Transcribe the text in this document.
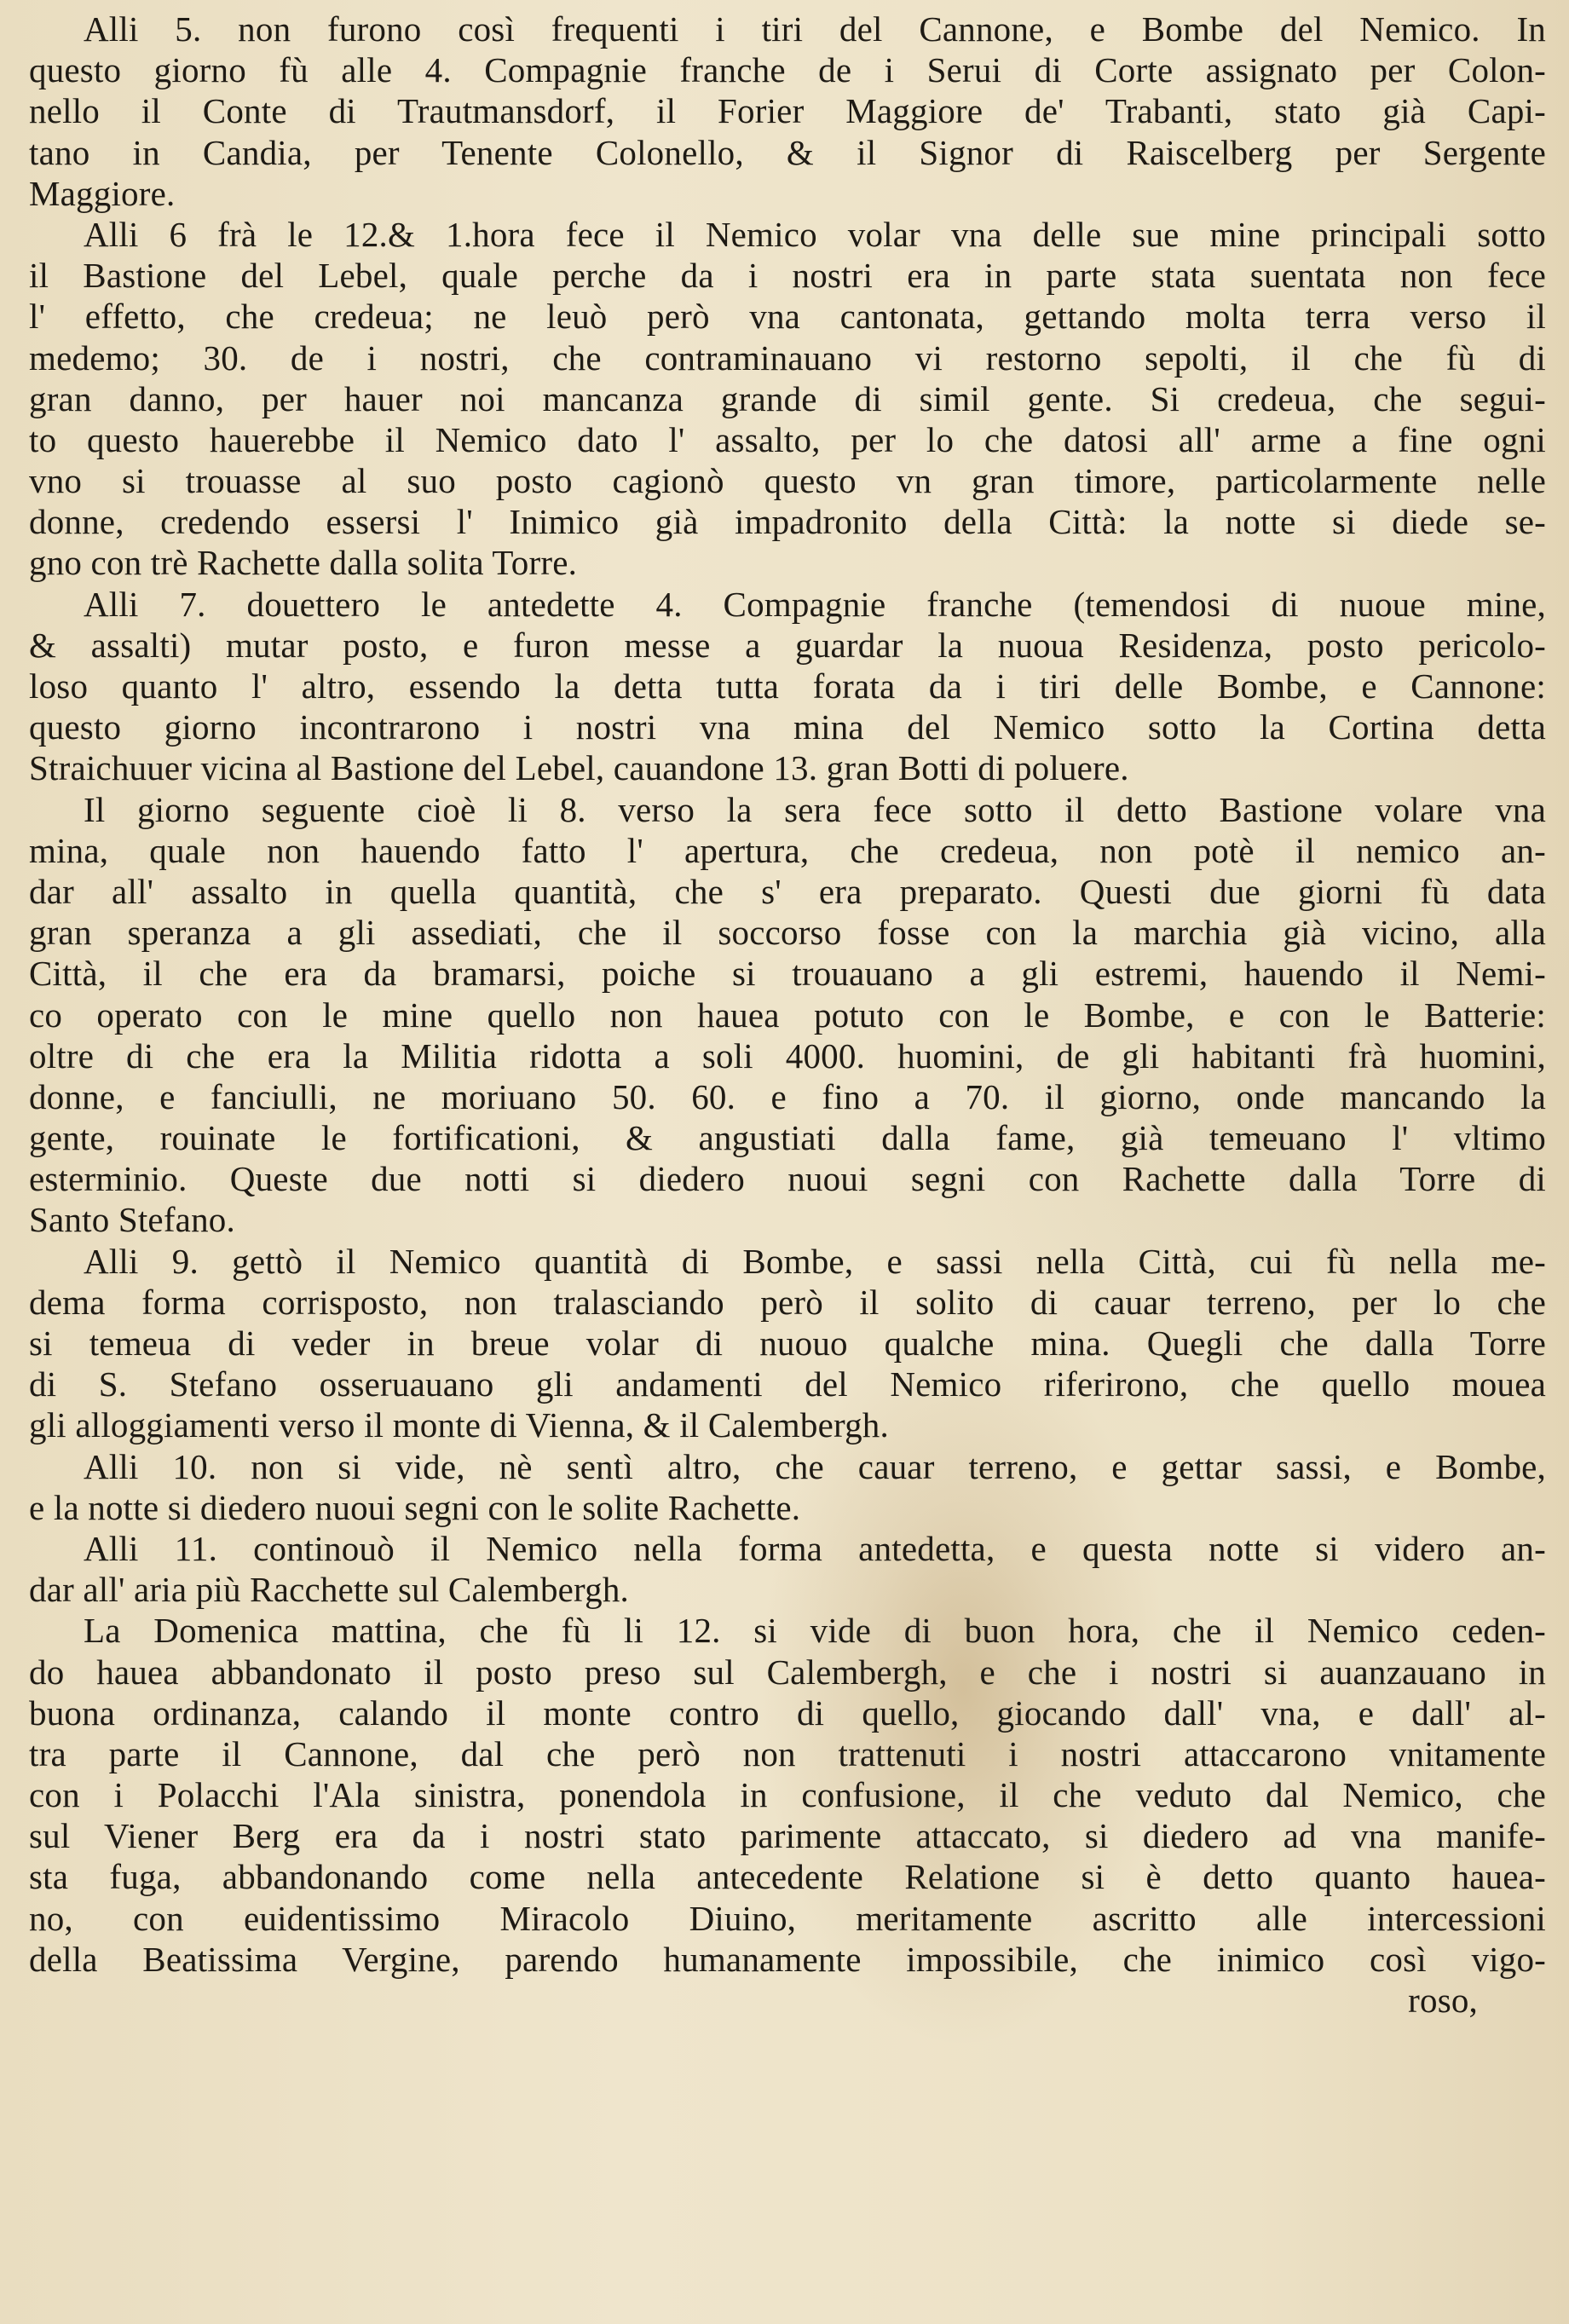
Alli 5. non furono così frequenti i tiri del Cannone, e Bombe del Nemico. In
questo giorno fù alle 4. Compagnie franche de i Serui di Corte assignato per Colon-
nello il Conte di Trautmansdorf, il Forier Maggiore de' Trabanti, stato già Capi-
tano in Candia, per Tenente Colonello, & il Signor di Raiscelberg per Sergente
Maggiore.
Alli 6 frà le 12.& 1.hora fece il Nemico volar vna delle sue mine principali sotto
il Bastione del Lebel, quale perche da i nostri era in parte stata suentata non fece
l' effetto, che credeua; ne leuò però vna cantonata, gettando molta terra verso il
medemo; 30. de i nostri, che contraminauano vi restorno sepolti, il che fù di
gran danno, per hauer noi mancanza grande di simil gente. Si credeua, che segui-
to questo hauerebbe il Nemico dato l' assalto, per lo che datosi all' arme a fine ogni
vno si trouasse al suo posto cagionò questo vn gran timore, particolarmente nelle
donne, credendo essersi l' Inimico già impadronito della Città: la notte si diede se-
gno con trè Rachette dalla solita Torre.
Alli 7. douettero le antedette 4. Compagnie franche (temendosi di nuoue mine,
& assalti) mutar posto, e furon messe a guardar la nuoua Residenza, posto pericolo-
loso quanto l' altro, essendo la detta tutta forata da i tiri delle Bombe, e Cannone:
questo giorno incontrarono i nostri vna mina del Nemico sotto la Cortina detta
Straichuuer vicina al Bastione del Lebel, cauandone 13. gran Botti di poluere.
Il giorno seguente cioè li 8. verso la sera fece sotto il detto Bastione volare vna
mina, quale non hauendo fatto l' apertura, che credeua, non potè il nemico an-
dar all' assalto in quella quantità, che s' era preparato. Questi due giorni fù data
gran speranza a gli assediati, che il soccorso fosse con la marchia già vicino, alla
Città, il che era da bramarsi, poiche si trouauano a gli estremi, hauendo il Nemi-
co operato con le mine quello non hauea potuto con le Bombe, e con le Batterie:
oltre di che era la Militia ridotta a soli 4000. huomini, de gli habitanti frà huomini,
donne, e fanciulli, ne moriuano 50. 60. e fino a 70. il giorno, onde mancando la
gente, rouinate le fortificationi, & angustiati dalla fame, già temeuano l' vltimo
esterminio. Queste due notti si diedero nuoui segni con Rachette dalla Torre di
Santo Stefano.
Alli 9. gettò il Nemico quantità di Bombe, e sassi nella Città, cui fù nella me-
dema forma corrisposto, non tralasciando però il solito di cauar terreno, per lo che
si temeua di veder in breue volar di nuouo qualche mina. Quegli che dalla Torre
di S. Stefano osseruauano gli andamenti del Nemico riferirono, che quello mouea
gli alloggiamenti verso il monte di Vienna, & il Calembergh.
Alli 10. non si vide, nè sentì altro, che cauar terreno, e gettar sassi, e Bombe,
e la notte si diedero nuoui segni con le solite Rachette.
Alli 11. continouò il Nemico nella forma antedetta, e questa notte si videro an-
dar all' aria più Racchette sul Calembergh.
La Domenica mattina, che fù li 12. si vide di buon hora, che il Nemico ceden-
do hauea abbandonato il posto preso sul Calembergh, e che i nostri si auanzauano in
buona ordinanza, calando il monte contro di quello, giocando dall' vna, e dall' al-
tra parte il Cannone, dal che però non trattenuti i nostri attaccarono vnitamente
con i Polacchi l'Ala sinistra, ponendola in confusione, il che veduto dal Nemico, che
sul Viener Berg era da i nostri stato parimente attaccato, si diedero ad vna manife-
sta fuga, abbandonando come nella antecedente Relatione si è detto quanto haueа-
no, con euidentissimo Miracolo Diuino, meritamente ascritto alle intercessioni
della Beatissima Vergine, parendo humanamente impossibile, che inimico così vigo-
roso,
